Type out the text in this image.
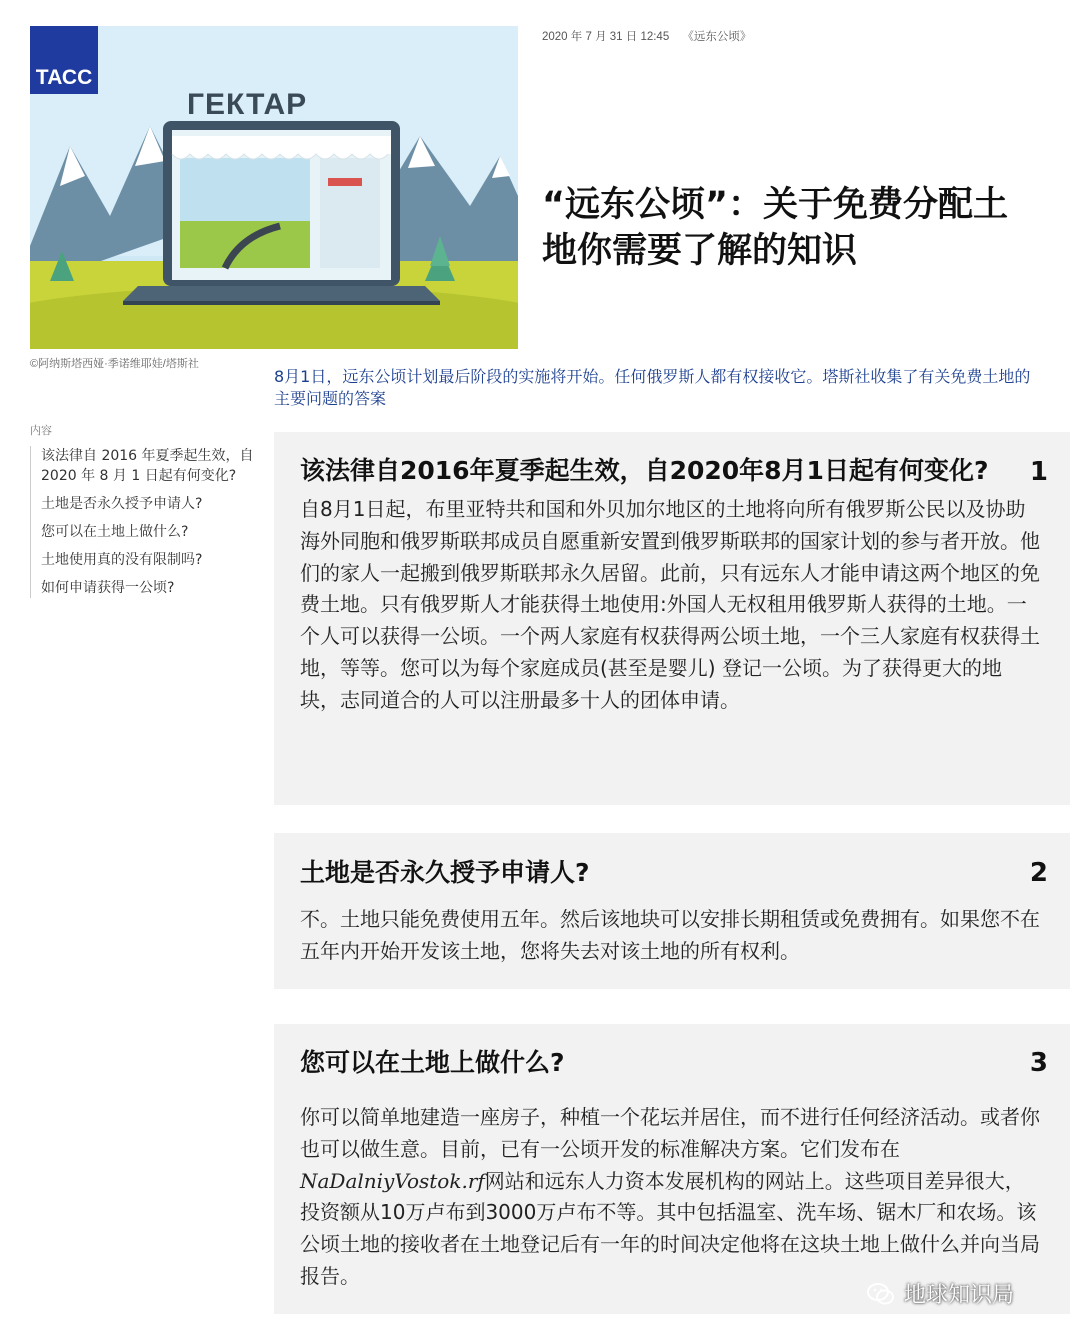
ТАСС
ГЕКТАР
©阿纳斯塔西娅·季诺维耶娃/塔斯社
2020 年 7 月 31 日 12:45 《远东公顷》
“远东公顷”：关于免费分配土地你需要了解的知识

8月1日，远东公顷计划最后阶段的实施将开始。任何俄罗斯人都有权接收它。塔斯社收集了有关免费土地的主要问题的答案

内容
该法律自 2016 年夏季起生效，自 2020 年 8 月 1 日起有何变化?
土地是否永久授予申请人?
您可以在土地上做什么?
土地使用真的没有限制吗?
如何申请获得一公顷?
1
该法律自2016年夏季起生效，自2020年8月1日起有何变化?

自8月1日起，布里亚特共和国和外贝加尔地区的土地将向所有俄罗斯公民以及协助海外同胞和俄罗斯联邦成员自愿重新安置到俄罗斯联邦的国家计划的参与者开放。他们的家人一起搬到俄罗斯联邦永久居留。此前，只有远东人才能申请这两个地区的免费土地。只有俄罗斯人才能获得土地使用:外国人无权租用俄罗斯人获得的土地。一个人可以获得一公顷。一个两人家庭有权获得两公顷土地，一个三人家庭有权获得土地，等等。您可以为每个家庭成员(甚至是婴儿) 登记一公顷。为了获得更大的地块，志同道合的人可以注册最多十人的团体申请。

2
土地是否永久授予申请人?

不。土地只能免费使用五年。然后该地块可以安排长期租赁或免费拥有。如果您不在五年内开始开发该土地，您将失去对该土地的所有权利。

3
您可以在土地上做什么?

你可以简单地建造一座房子，种植一个花坛并居住，而不进行任何经济活动。或者你也可以做生意。目前，已有一公顷开发的标准解决方案。它们发布在NaDalniyVostok.rf网站和远东人力资本发展机构的网站上。这些项目差异很大，投资额从10万卢布到3000万卢布不等。其中包括温室、洗车场、锯木厂和农场。该公顷土地的接收者在土地登记后有一年的时间决定他将在这块土地上做什么并向当局报告。

地球知识局
